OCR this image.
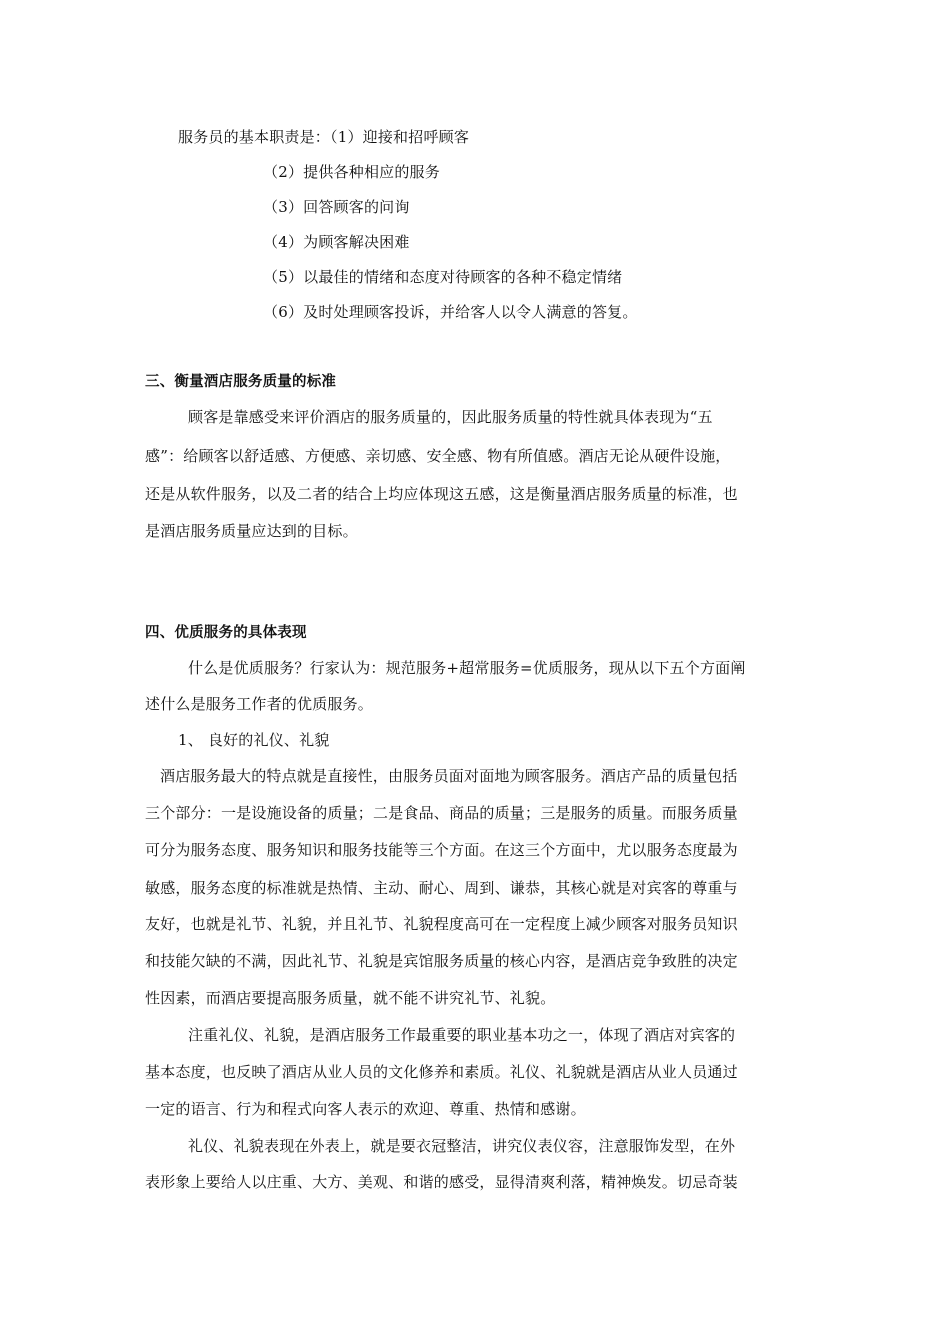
服务员的基本职责是：（1）迎接和招呼顾客
（2）提供各种相应的服务
（3）回答顾客的问询
（4）为顾客解决困难
（5）以最佳的情绪和态度对待顾客的各种不稳定情绪
（6）及时处理顾客投诉，并给客人以令人满意的答复。
三、衡量酒店服务质量的标准
顾客是靠感受来评价酒店的服务质量的，因此服务质量的特性就具体表现为“五
感”：给顾客以舒适感、方便感、亲切感、安全感、物有所值感。酒店无论从硬件设施，
还是从软件服务，以及二者的结合上均应体现这五感，这是衡量酒店服务质量的标准，也
是酒店服务质量应达到的目标。
四、优质服务的具体表现
什么是优质服务？行家认为：规范服务+超常服务=优质服务，现从以下五个方面阐
述什么是服务工作者的优质服务。
1、 良好的礼仪、礼貌
酒店服务最大的特点就是直接性，由服务员面对面地为顾客服务。酒店产品的质量包括
三个部分：一是设施设备的质量；二是食品、商品的质量；三是服务的质量。而服务质量
可分为服务态度、服务知识和服务技能等三个方面。在这三个方面中，尤以服务态度最为
敏感，服务态度的标准就是热情、主动、耐心、周到、谦恭，其核心就是对宾客的尊重与
友好，也就是礼节、礼貌，并且礼节、礼貌程度高可在一定程度上减少顾客对服务员知识
和技能欠缺的不满，因此礼节、礼貌是宾馆服务质量的核心内容，是酒店竞争致胜的决定
性因素，而酒店要提高服务质量，就不能不讲究礼节、礼貌。
注重礼仪、礼貌，是酒店服务工作最重要的职业基本功之一，体现了酒店对宾客的
基本态度，也反映了酒店从业人员的文化修养和素质。礼仪、礼貌就是酒店从业人员通过
一定的语言、行为和程式向客人表示的欢迎、尊重、热情和感谢。
礼仪、礼貌表现在外表上，就是要衣冠整洁，讲究仪表仪容，注意服饰发型，在外
表形象上要给人以庄重、大方、美观、和谐的感受，显得清爽利落，精神焕发。切忌奇装
